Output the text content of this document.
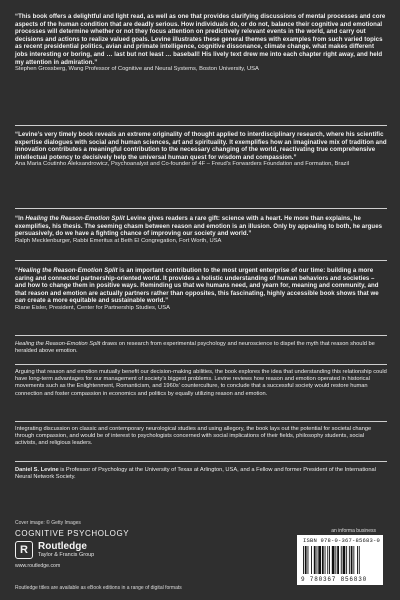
“This book offers a delightful and light read, as well as one that provides clarifying discussions of mental processes and core aspects of the human condition that are deadly serious. How individuals do, or do not, balance their cognitive and emotional processes will determine whether or not they focus attention on predictively relevant events in the world, and carry out decisions and actions to realize valued goals. Levine illustrates these general themes with examples from such varied topics as recent presidential politics, avian and primate intelligence, cognitive dissonance, climate change, what makes different jobs interesting or boring, and … last but not least … baseball! His lively text drew me into each chapter right away, and held my attention in admiration.”

Stephen Grossberg, Wang Professor of Cognitive and Neural Systems, Boston University, USA

“Levine’s very timely book reveals an extreme originality of thought applied to interdisciplinary research, where his scientific expertise dialogues with social and human sciences, art and spirituality. It exemplifies how an imaginative mix of tradition and innovation contributes a meaningful contribution to the necessary changing of the world, reactivating true comprehensive intellectual potency to decisively help the universal human quest for wisdom and compassion.”

Ana Maria Coutinho Aleksandrowicz, Psychoanalyst and Co-founder of 4F – Freud’s Forwarders Foundation and Formation, Brazil

“In Healing the Reason-Emotion Split Levine gives readers a rare gift: science with a heart. He more than explains, he exemplifies, his thesis. The seeming chasm between reason and emotion is an illusion. Only by appealing to both, he argues persuasively, do we have a fighting chance of improving our society and world.”

Ralph Mecklenburger, Rabbi Emeritus at Beth El Congregation, Fort Worth, USA

“Healing the Reason-Emotion Split is an important contribution to the most urgent enterprise of our time: building a more caring and connected partnership-oriented world. It provides a holistic understanding of human behaviors and societies – and how to change them in positive ways. Reminding us that we humans need, and yearn for, meaning and community, and that reason and emotion are actually partners rather than opposites, this fascinating, highly accessible book shows that we can create a more equitable and sustainable world.”

Riane Eisler, President, Center for Partnership Studies, USA

Healing the Reason-Emotion Split draws on research from experimental psychology and neuroscience to dispel the myth that reason should be heralded above emotion.

Arguing that reason and emotion mutually benefit our decision-making abilities, the book explores the idea that understanding this relationship could have long-term advantages for our management of society’s biggest problems. Levine reviews how reason and emotion operated in historical movements such as the Enlightenment, Romanticism, and 1960s’ counterculture, to conclude that a successful society would restore human connection and foster compassion in economics and politics by equally utilizing reason and emotion.

Integrating discussion on classic and contemporary neurological studies and using allegory, the book lays out the potential for societal change through compassion, and would be of interest to psychologists concerned with social implications of their fields, philosophy students, social activists, and religious leaders.

Daniel S. Levine is Professor of Psychology at the University of Texas at Arlington, USA, and a Fellow and former President of the International Neural Network Society.

Cover image: © Getty Images

COGNITIVE PSYCHOLOGY

R	Routledge
Taylor & Francis Group
www.routledge.com
an informa business
ISBN 978-0-367-85683-0
9 780367 856830
Routledge titles are available as eBook editions in a range of digital formats
